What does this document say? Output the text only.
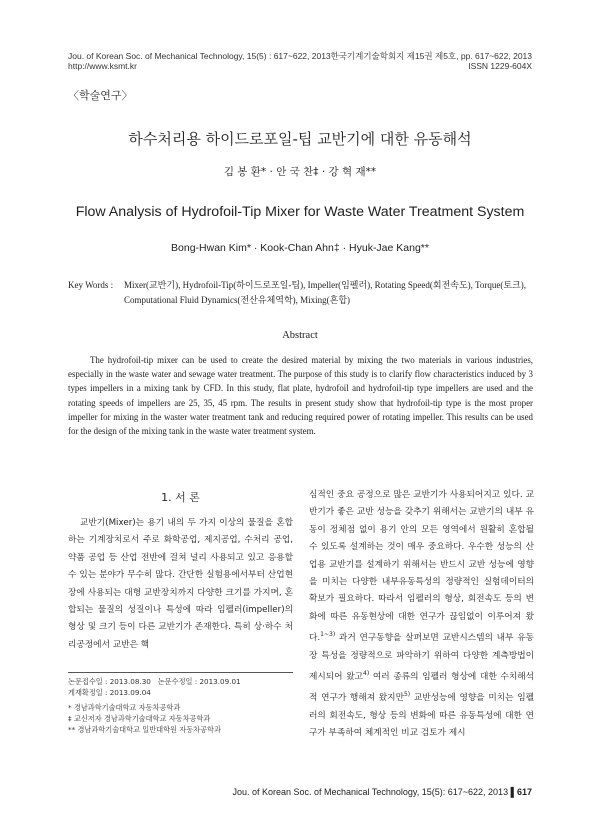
Jou. of Korean Soc. of Mechanical Technology, 15(5) : 617~622, 2013
http://www.ksmt.kr
한국기계기술학회지 제15권 제5호, pp. 617~622, 2013
ISSN 1229-604X
〈학술연구〉
하수처리용 하이드로포일-팁 교반기에 대한 유동해석
김 봉 환* · 안 국 찬‡ · 강 혁 재**
Flow Analysis of Hydrofoil-Tip Mixer for Waste Water Treatment System
Bong-Hwan Kim* · Kook-Chan Ahn‡ · Hyuk-Jae Kang**
Key Words : Mixer(교반기), Hydrofoil-Tip(하이드로포일-팁), Impeller(임펠러), Rotating Speed(회전속도), Torque(토크), Computational Fluid Dynamics(전산유체역학), Mixing(혼합)
Abstract
The hydrofoil-tip mixer can be used to create the desired material by mixing the two materials in various industries, especially in the waste water and sewage water treatment. The purpose of this study is to clarify flow characteristics induced by 3 types impellers in a mixing tank by CFD. In this study, flat plate, hydrofoil and hydrofoil-tip type impellers are used and the rotating speeds of impellers are 25, 35, 45 rpm. The results in present study show that hydrofoil-tip type is the most proper impeller for mixing in the waster water treatment tank and reducing required power of rotating impeller. This results can be used for the design of the mixing tank in the waste water treatment system.
1. 서 론
교반기(Mixer)는 용기 내의 두 가지 이상의 물질을 혼합하는 기계장치로서 주로 화학공업, 제지공업, 수처리 공업, 약품 공업 등 산업 전반에 걸쳐 널리 사용되고 있고 응용할 수 있는 분야가 무수히 많다. 간단한 실험용에서부터 산업현장에 사용되는 대형 교반장치까지 다양한 크기를 가지며, 혼합되는 물질의 성질이나 특성에 따라 임펠러(impeller)의 형상 및 크기 등이 다른 교반기가 존재한다. 특히 상·하수 처리공정에서 교반은 핵
심적인 중요 공정으로 많은 교반기가 사용되어지고 있다. 교반기가 좋은 교반 성능을 갖추기 위해서는 교반기의 내부 유동이 정체점 없이 용기 안의 모든 영역에서 원활히 혼합될 수 있도록 설계하는 것이 매우 중요하다. 우수한 성능의 산업용 교반기를 설계하기 위해서는 반드시 교반 성능에 영향을 미치는 다양한 내부유동특성의 정량적인 실험데이터의 확보가 필요하다. 따라서 임펠러의 형상, 회전속도 등의 변화에 따른 유동현상에 대한 연구가 끊임없이 이루어져 왔다.$^{1\sim 3)}$ 과거 연구동향을 살펴보면 교반시스템의 내부 유동장 특성을 정량적으로 파악하기 위하여 다양한 계측방법이 제시되어 왔고$^{4)}$ 여러 종류의 임펠러 형상에 대한 수치해석적 연구가 행해져 왔지만$^{5)}$ 교반성능에 영향을 미치는 임펠러의 회전속도, 형상 등의 변화에 따른 유동특성에 대한 연구가 부족하여 체계적인 비교 검토가 제시
논문접수일 : 2013.08.30 논문수정일 : 2013.09.01
게재확정일 : 2013.09.04
* 경남과학기술대학교 자동차공학과
‡ 교신저자 경남과학기술대학교 자동차공학과
** 경남과학기술대학교 일반대학원 자동차공학과
Jou. of Korean Soc. of Mechanical Technology, 15(5): 617~622, 2013 ▌617
